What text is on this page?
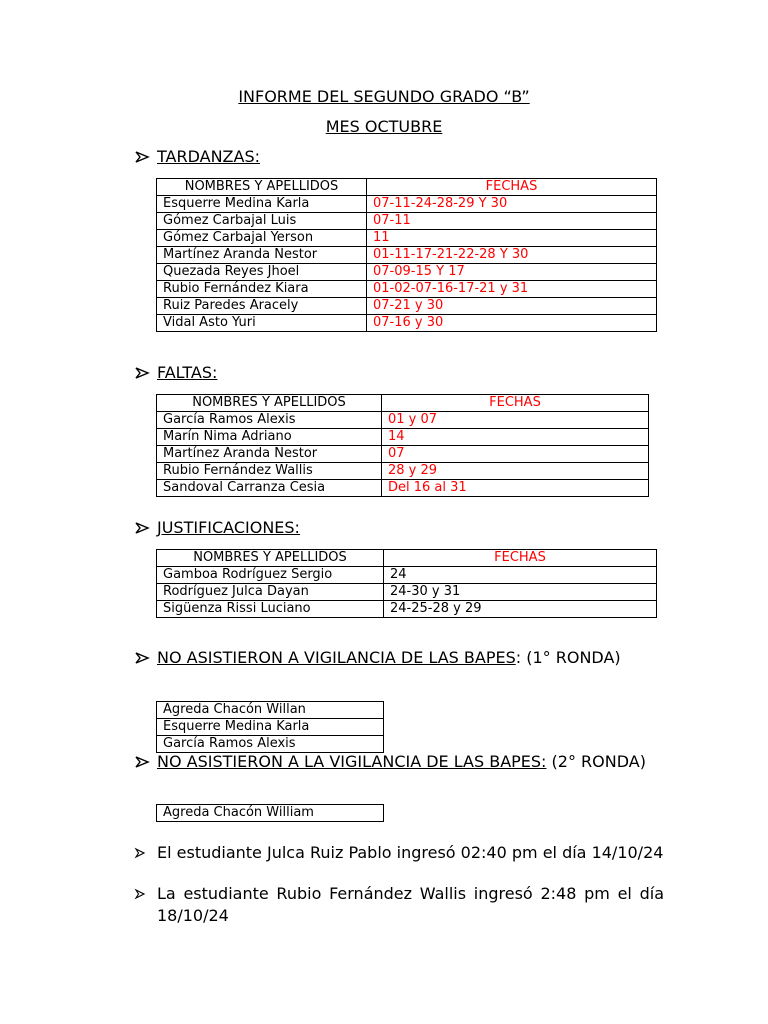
INFORME DEL SEGUNDO GRADO “B”
MES OCTUBRE
TARDANZAS:
NOMBRES Y APELLIDOS	FECHAS
Esquerre Medina Karla	07-11-24-28-29 Y 30
Gómez Carbajal Luis	07-11
Gómez Carbajal Yerson	11
Martínez Aranda Nestor	01-11-17-21-22-28 Y 30
Quezada Reyes Jhoel	07-09-15 Y 17
Rubio Fernández Kiara	01-02-07-16-17-21 y 31
Ruiz Paredes Aracely	07-21 y 30
Vidal Asto Yuri	07-16 y 30
FALTAS:
NOMBRES Y APELLIDOS	FECHAS
García Ramos Alexis	01 y 07
Marín Nima Adriano	14
Martínez Aranda Nestor	07
Rubio Fernández Wallis	28 y 29
Sandoval Carranza Cesia	Del 16 al 31
JUSTIFICACIONES:
NOMBRES Y APELLIDOS	FECHAS
Gamboa Rodríguez Sergio	24
Rodríguez Julca Dayan	24-30 y 31
Sigüenza Rissi Luciano	24-25-28 y 29
NO ASISTIERON A VIGILANCIA DE LAS BAPES: (1° RONDA)
Agreda Chacón Willan
Esquerre Medina Karla
García Ramos Alexis
NO ASISTIERON A LA VIGILANCIA DE LAS BAPES: (2° RONDA)
Agreda Chacón William
El estudiante Julca Ruiz Pablo ingresó 02:40 pm el día 14/10/24
La estudiante Rubio Fernández Wallis ingresó 2:48 pm el día 18/10/24
